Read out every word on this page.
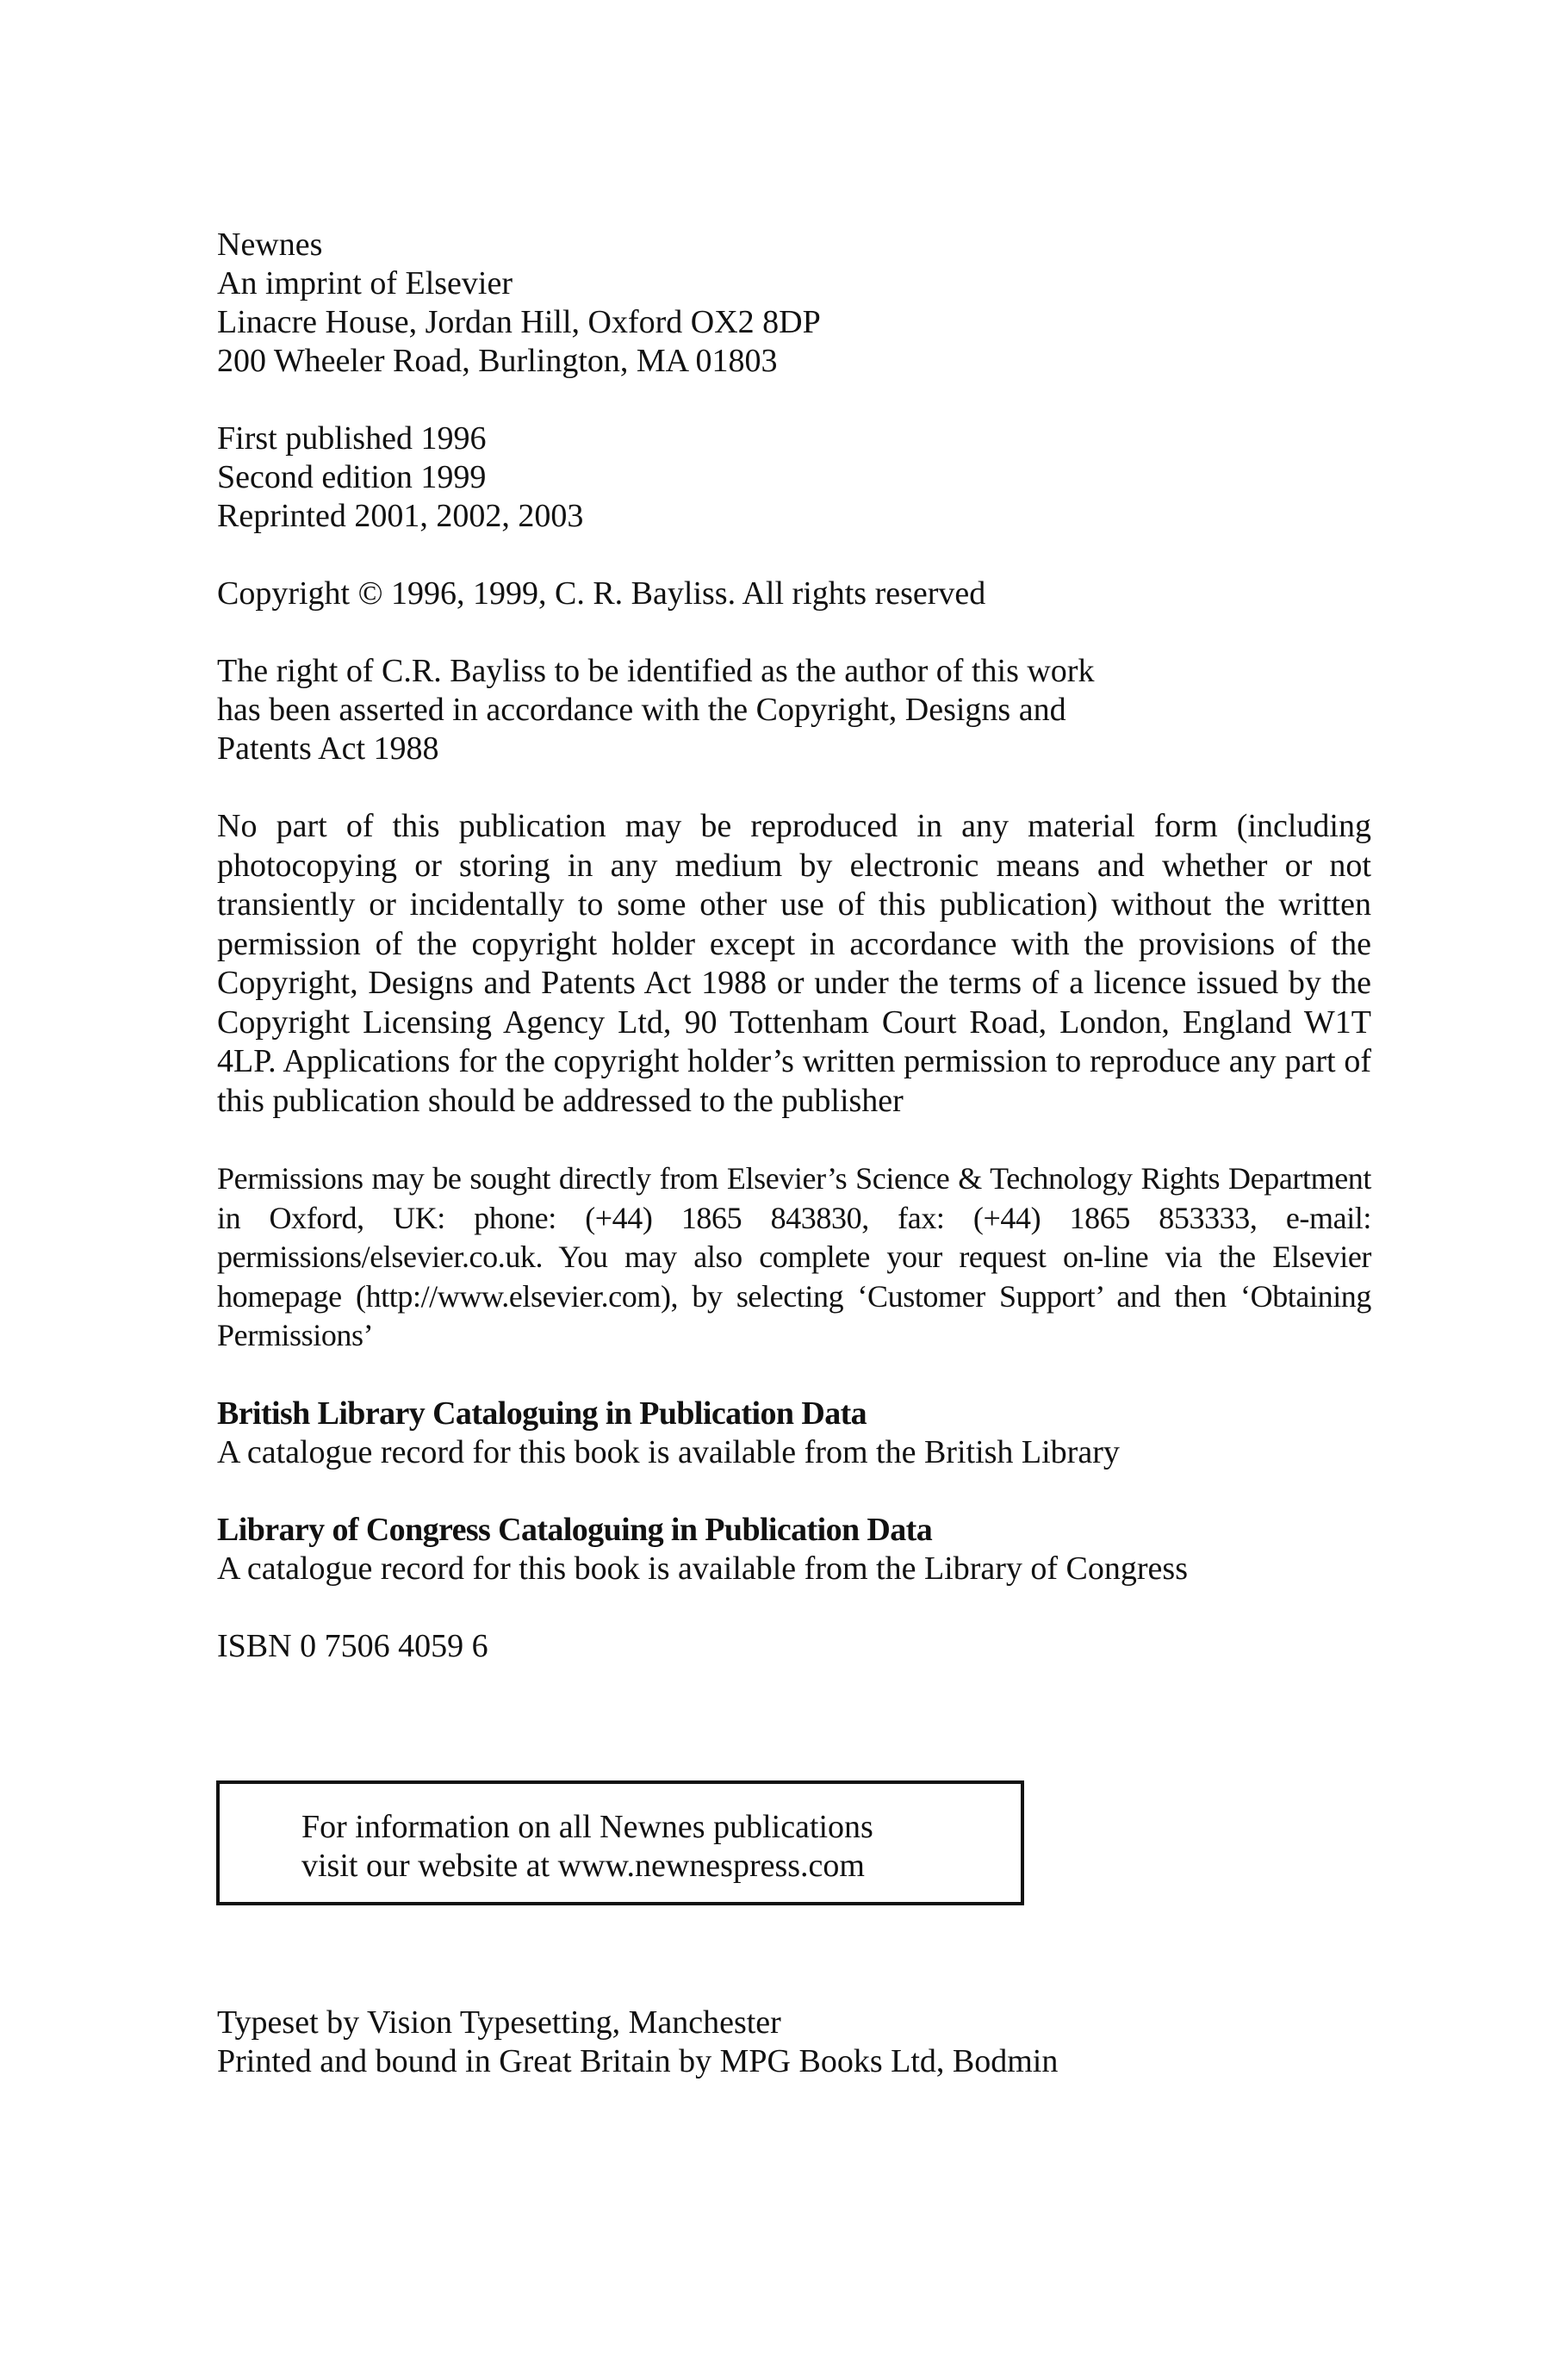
Newnes

An imprint of Elsevier

Linacre House, Jordan Hill, Oxford OX2 8DP

200 Wheeler Road, Burlington, MA 01803

First published 1996

Second edition 1999

Reprinted 2001, 2002, 2003

Copyright © 1996, 1999, C. R. Bayliss. All rights reserved

The right of C.R. Bayliss to be identified as the author of this work

has been asserted in accordance with the Copyright, Designs and

Patents Act 1988

No part of this publication may be reproduced in any material form (including photocopying or storing in any medium by electronic means and whether or not transiently or incidentally to some other use of this publication) without the written permission of the copyright holder except in accordance with the provisions of the Copyright, Designs and Patents Act 1988 or under the terms of a licence issued by the Copyright Licensing Agency Ltd, 90 Tottenham Court Road, London, England W1T 4LP. Applications for the copyright holder’s written permission to reproduce any part of this publication should be addressed to the publisher

Permissions may be sought directly from Elsevier’s Science & Technology Rights Department in Oxford, UK: phone: (+44) 1865 843830, fax: (+44) 1865 853333, e-mail: permissions/elsevier.co.uk. You may also complete your request on-line via the Elsevier homepage (http://www.elsevier.com), by selecting ‘Customer Support’ and then ‘Obtaining Permissions’

British Library Cataloguing in Publication Data

A catalogue record for this book is available from the British Library

Library of Congress Cataloguing in Publication Data

A catalogue record for this book is available from the Library of Congress

ISBN 0 7506 4059 6

For information on all Newnes publications

visit our website at www.newnespress.com

Typeset by Vision Typesetting, Manchester

Printed and bound in Great Britain by MPG Books Ltd, Bodmin
